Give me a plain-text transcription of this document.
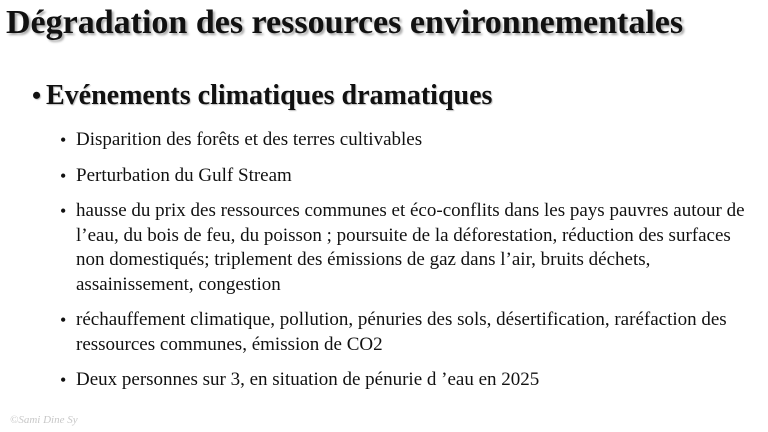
Dégradation des ressources environnementales
• Evénements climatiques dramatiques
• Disparition des forêts et des terres cultivables
• Perturbation du Gulf Stream
• hausse du prix des ressources communes et éco-conflits dans les pays pauvres autour de l’eau, du bois de feu, du poisson ; poursuite de la déforestation, réduction des surfaces non domestiqués; triplement des émissions de gaz dans l’air, bruits déchets, assainissement, congestion
• réchauffement climatique, pollution, pénuries des sols, désertification, raréfaction des ressources communes, émission de CO2
• Deux personnes sur 3, en situation de pénurie d ’eau en 2025
©Sami Dine Sy
